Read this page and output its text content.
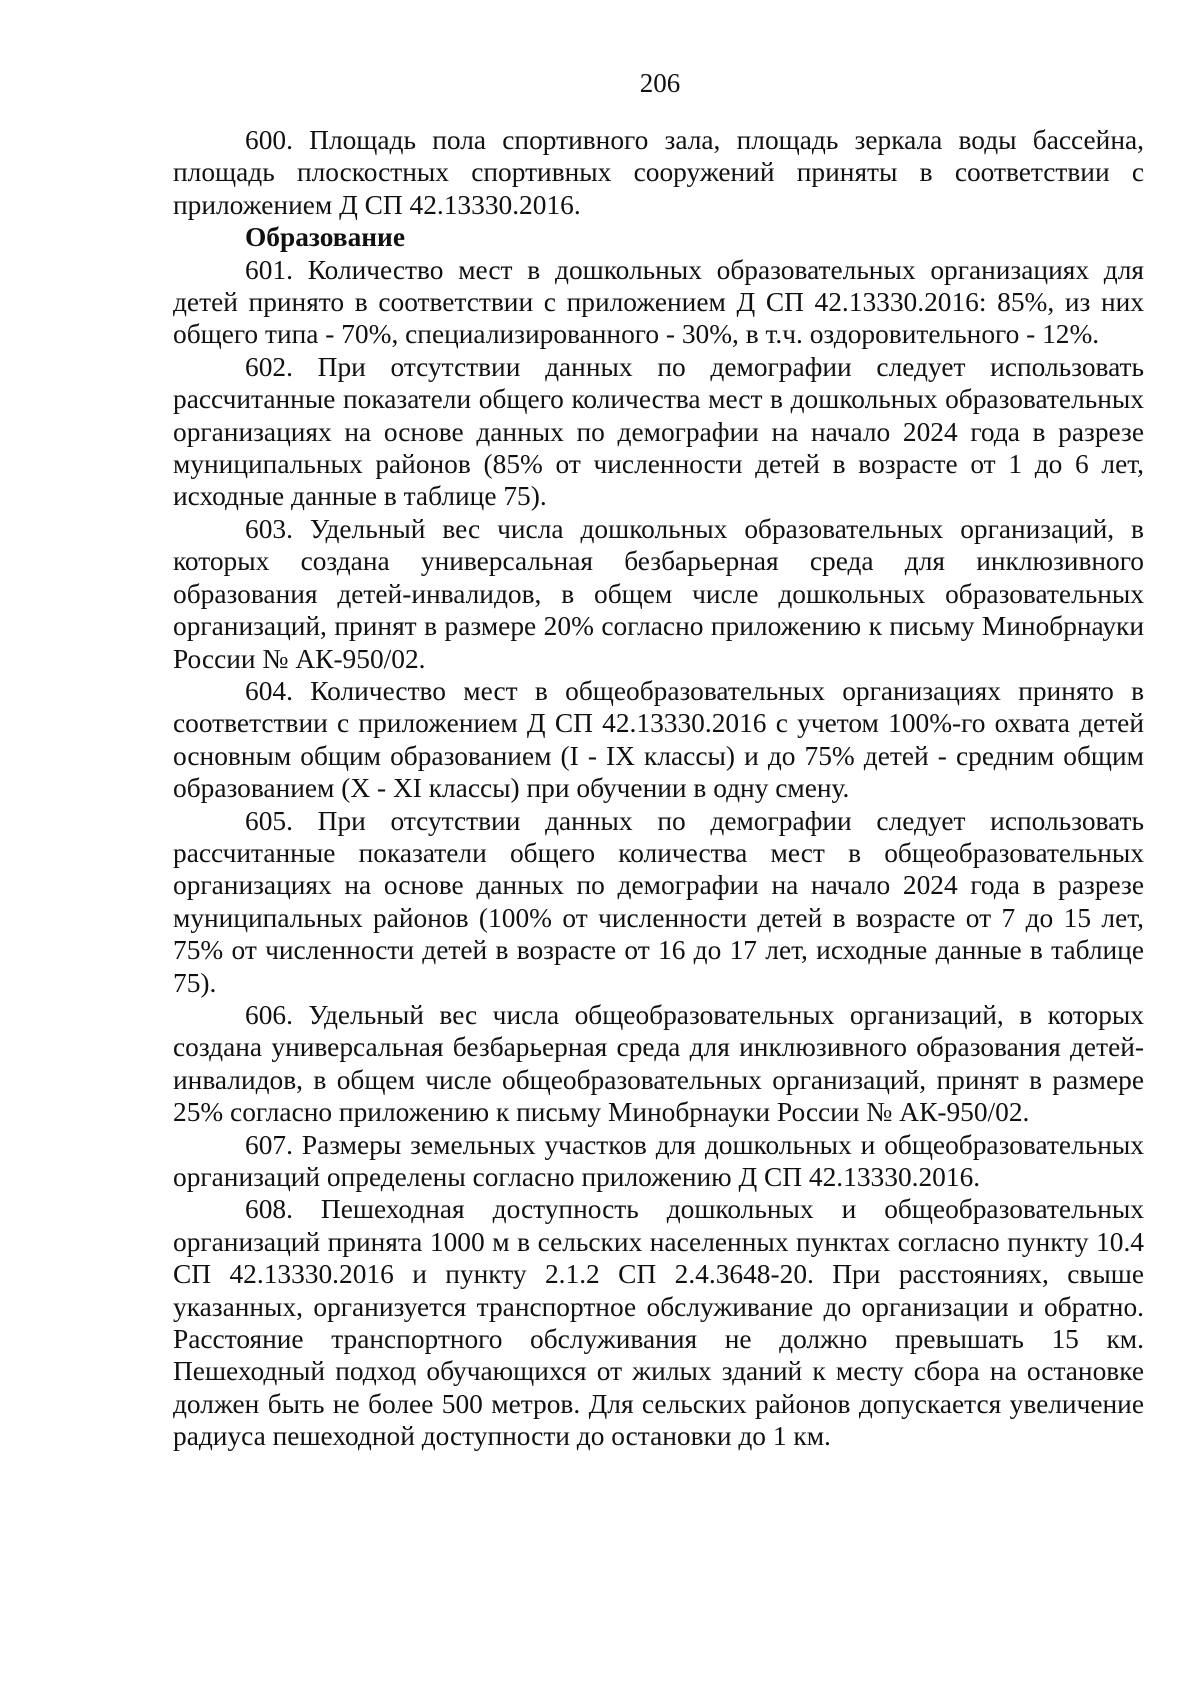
206

600. Площадь пола спортивного зала, площадь зеркала воды бассейна, площадь плоскостных спортивных сооружений приняты в соответствии с приложением Д СП 42.13330.2016.

Образование

601. Количество мест в дошкольных образовательных организациях для детей принято в соответствии с приложением Д СП 42.13330.2016: 85%, из них общего типа - 70%, специализированного - 30%, в т.ч. оздоровительного - 12%.

602. При отсутствии данных по демографии следует использовать рассчитанные показатели общего количества мест в дошкольных образовательных организациях на основе данных по демографии на начало 2024 года в разрезе муниципальных районов (85% от численности детей в возрасте от 1 до 6 лет, исходные данные в таблице 75).

603. Удельный вес числа дошкольных образовательных организаций, в которых создана универсальная безбарьерная среда для инклюзивного образования детей-инвалидов, в общем числе дошкольных образовательных организаций, принят в размере 20% согласно приложению к письму Минобрнауки России № АК-950/02.

604. Количество мест в общеобразовательных организациях принято в соответствии с приложением Д СП 42.13330.2016 с учетом 100%-го охвата детей основным общим образованием (I - IX классы) и до 75% детей - средним общим образованием (X - XI классы) при обучении в одну смену.

605. При отсутствии данных по демографии следует использовать рассчитанные показатели общего количества мест в общеобразовательных организациях на основе данных по демографии на начало 2024 года в разрезе муниципальных районов (100% от численности детей в возрасте от 7 до 15 лет, 75% от численности детей в возрасте от 16 до 17 лет, исходные данные в таблице 75).

606. Удельный вес числа общеобразовательных организаций, в которых создана универсальная безбарьерная среда для инклюзивного образования детей-инвалидов, в общем числе общеобразовательных организаций, принят в размере 25% согласно приложению к письму Минобрнауки России № АК-950/02.

607. Размеры земельных участков для дошкольных и общеобразовательных организаций определены согласно приложению Д СП 42.13330.2016.

608. Пешеходная доступность дошкольных и общеобразовательных организаций принята 1000 м в сельских населенных пунктах согласно пункту 10.4 СП 42.13330.2016 и пункту 2.1.2 СП 2.4.3648-20. При расстояниях, свыше указанных, организуется транспортное обслуживание до организации и обратно. Расстояние транспортного обслуживания не должно превышать 15 км. Пешеходный подход обучающихся от жилых зданий к месту сбора на остановке должен быть не более 500 метров. Для сельских районов допускается увеличение радиуса пешеходной доступности до остановки до 1 км.
